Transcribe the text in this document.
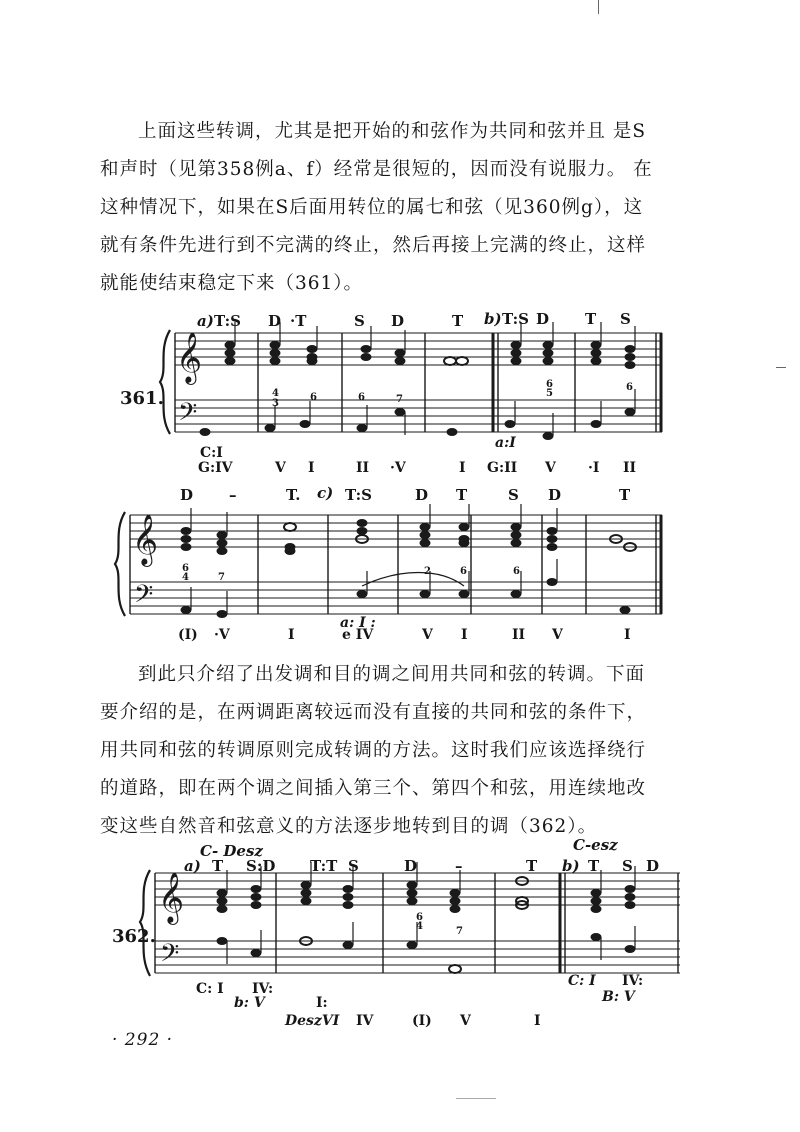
上面这些转调，尤其是把开始的和弦作为共同和弦并且 是S
和声时（见第358例a、f）经常是很短的，因而没有说服力。 在
这种情况下，如果在S后面用转位的属七和弦（见360例g），这
就有条件先进行到不完满的终止，然后再接上完满的终止，这样
就能使结束稳定下来（361）。
𝄞
𝄢
361.
a) T:S D ·T	S D	T b) T:S D T S
4
3
6	6	7
6
5
6
C:I
a:I
G:IV	V I	II ·V	I G:II V ·I II
𝄞
𝄢
D –	T. c) T:S	D T	S D	T
6
4	7
2	6	6
a: I :
(I) ·V	I	e IV	V I	II V	I
到此只介绍了出发调和目的调之间用共同和弦的转调。下面
要介绍的是，在两调距离较远而没有直接的共同和弦的条件下，
用共同和弦的转调原则完成转调的方法。这时我们应该选择绕行
的道路，即在两个调之间插入第三个、第四个和弦，用连续地改
变这些自然音和弦意义的方法逐步地转到目的调（362）。
𝄞
𝄢
362.
C- Desz	C-esz
a) T S:D T:T S	D	–	T b) T S D
6
4	7
C: I IV:	C: I IV:
b: V	I:	B: V
DeszVI IV	(I) V	I
· 292 ·
